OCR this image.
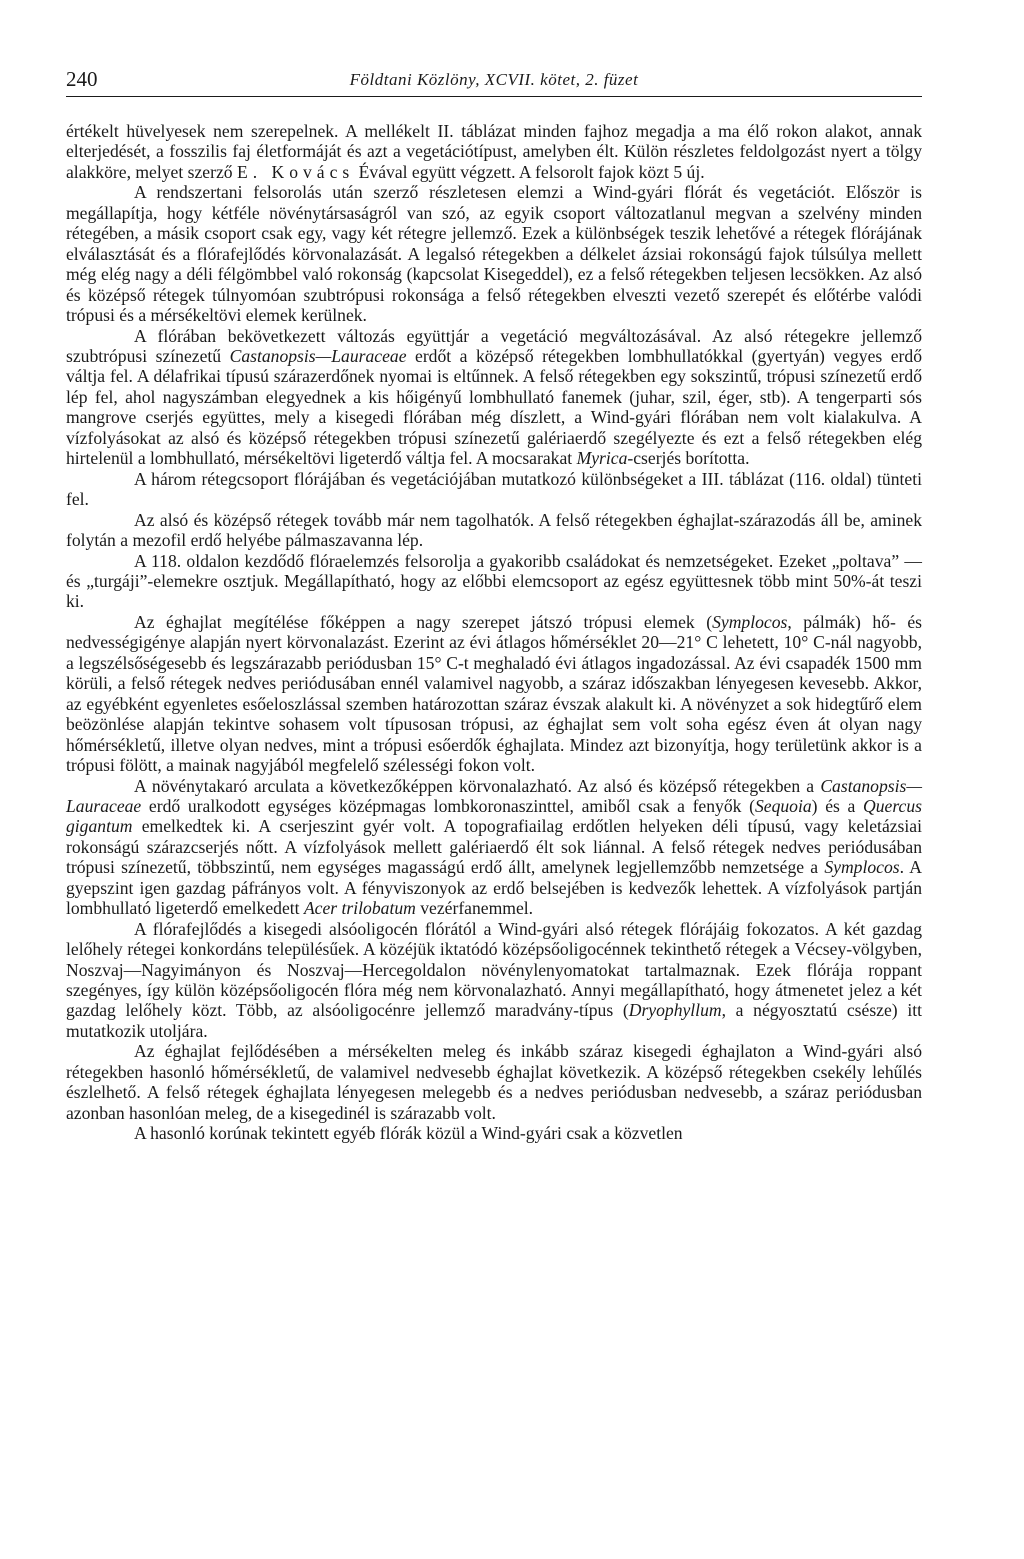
240	Földtani Közlöny, XCVII. kötet, 2. füzet

értékelt hüvelyesek nem szerepelnek. A mellékelt II. táblázat minden fajhoz megadja a ma élő rokon alakot, annak elterjedését, a fosszilis faj életformáját és azt a vegetációtípust, amelyben élt. Külön részletes feldolgozást nyert a tölgy alakköre, melyet szerző E. Kovács Évával együtt végzett. A felsorolt fajok közt 5 új.

A rendszertani felsorolás után szerző részletesen elemzi a Wind-gyári flórát és vegetációt. Először is megállapítja, hogy kétféle növénytársaságról van szó, az egyik csoport változatlanul megvan a szelvény minden rétegében, a másik csoport csak egy, vagy két rétegre jellemző. Ezek a különbségek teszik lehetővé a rétegek flórájának elválasztását és a flórafejlődés körvonalazását. A legalsó rétegekben a délkelet ázsiai rokonságú fajok túlsúlya mellett még elég nagy a déli félgömbbel való rokonság (kapcsolat Kisegeddel), ez a felső rétegekben teljesen lecsökken. Az alsó és középső rétegek túlnyomóan szubtrópusi rokonsága a felső rétegekben elveszti vezető szerepét és előtérbe valódi trópusi és a mérsékeltövi elemek kerülnek.

A flórában bekövetkezett változás együttjár a vegetáció megváltozásával. Az alsó rétegekre jellemző szubtrópusi színezetű Castanopsis—Lauraceae erdőt a középső rétegekben lombhullatókkal (gyertyán) vegyes erdő váltja fel. A délafrikai típusú szárazerdőnek nyomai is eltűnnek. A felső rétegekben egy sokszintű, trópusi színezetű erdő lép fel, ahol nagyszámban elegyednek a kis hőigényű lombhullató fanemek (juhar, szil, éger, stb). A tengerparti sós mangrove cserjés együttes, mely a kisegedi flórában még díszlett, a Wind-gyári flórában nem volt kialakulva. A vízfolyásokat az alsó és középső rétegekben trópusi színezetű galériaerdő szegélyezte és ezt a felső rétegekben elég hirtelenül a lombhullató, mérsékeltövi ligeterdő váltja fel. A mocsarakat Myrica-cserjés borította.

A három rétegcsoport flórájában és vegetációjában mutatkozó különbségeket a III. táblázat (116. oldal) tünteti fel.

Az alsó és középső rétegek tovább már nem tagolhatók. A felső rétegekben éghajlat-szárazodás áll be, aminek folytán a mezofil erdő helyébe pálmaszavanna lép.

A 118. oldalon kezdődő flóraelemzés felsorolja a gyakoribb családokat és nemzetségeket. Ezeket „poltava” — és „turgáji”-elemekre osztjuk. Megállapítható, hogy az előbbi elemcsoport az egész együttesnek több mint 50%-át teszi ki.

Az éghajlat megítélése főképpen a nagy szerepet játszó trópusi elemek (Symplocos, pálmák) hő- és nedvességigénye alapján nyert körvonalazást. Ezerint az évi átlagos hőmérséklet 20—21° C lehetett, 10° C-nál nagyobb, a legszélsőségesebb és legszárazabb periódusban 15° C-t meghaladó évi átlagos ingadozással. Az évi csapadék 1500 mm körüli, a felső rétegek nedves periódusában ennél valamivel nagyobb, a száraz időszakban lényegesen kevesebb. Akkor, az egyébként egyenletes esőeloszlással szemben határozottan száraz évszak alakult ki. A növényzet a sok hidegtűrő elem beözönlése alapján tekintve sohasem volt típusosan trópusi, az éghajlat sem volt soha egész éven át olyan nagy hőmérsékletű, illetve olyan nedves, mint a trópusi esőerdők éghajlata. Mindez azt bizonyítja, hogy területünk akkor is a trópusi fölött, a mainak nagyjából megfelelő szélességi fokon volt.

A növénytakaró arculata a következőképpen körvonalazható. Az alsó és középső rétegekben a Castanopsis—Lauraceae erdő uralkodott egységes középmagas lombkoronaszinttel, amiből csak a fenyők (Sequoia) és a Quercus gigantum emelkedtek ki. A cserjeszint gyér volt. A topografiailag erdőtlen helyeken déli típusú, vagy keletázsiai rokonságú szárazcserjés nőtt. A vízfolyások mellett galériaerdő élt sok liánnal. A felső rétegek nedves periódusában trópusi színezetű, többszintű, nem egységes magasságú erdő állt, amelynek legjellemzőbb nemzetsége a Symplocos. A gyepszint igen gazdag páfrányos volt. A fényviszonyok az erdő belsejében is kedvezők lehettek. A vízfolyások partján lombhullató ligeterdő emelkedett Acer trilobatum vezérfanemmel.

A flórafejlődés a kisegedi alsóoligocén flórától a Wind-gyári alsó rétegek flórájáig fokozatos. A két gazdag lelőhely rétegei konkordáns településűek. A közéjük iktatódó középsőoligocénnek tekinthető rétegek a Vécsey-völgyben, Noszvaj—Nagyimányon és Noszvaj—Hercegoldalon növénylenyomatokat tartalmaznak. Ezek flórája roppant szegényes, így külön középsőoligocén flóra még nem körvonalazható. Annyi megállapítható, hogy átmenetet jelez a két gazdag lelőhely közt. Több, az alsóoligocénre jellemző maradvány-típus (Dryophyllum, a négyosztatú csésze) itt mutatkozik utoljára.

Az éghajlat fejlődésében a mérsékelten meleg és inkább száraz kisegedi éghajlaton a Wind-gyári alsó rétegekben hasonló hőmérsékletű, de valamivel nedvesebb éghajlat következik. A középső rétegekben csekély lehűlés észlelhető. A felső rétegek éghajlata lényegesen melegebb és a nedves periódusban nedvesebb, a száraz periódusban azonban hasonlóan meleg, de a kisegedinél is szárazabb volt.

A hasonló korúnak tekintett egyéb flórák közül a Wind-gyári csak a közvetlen
